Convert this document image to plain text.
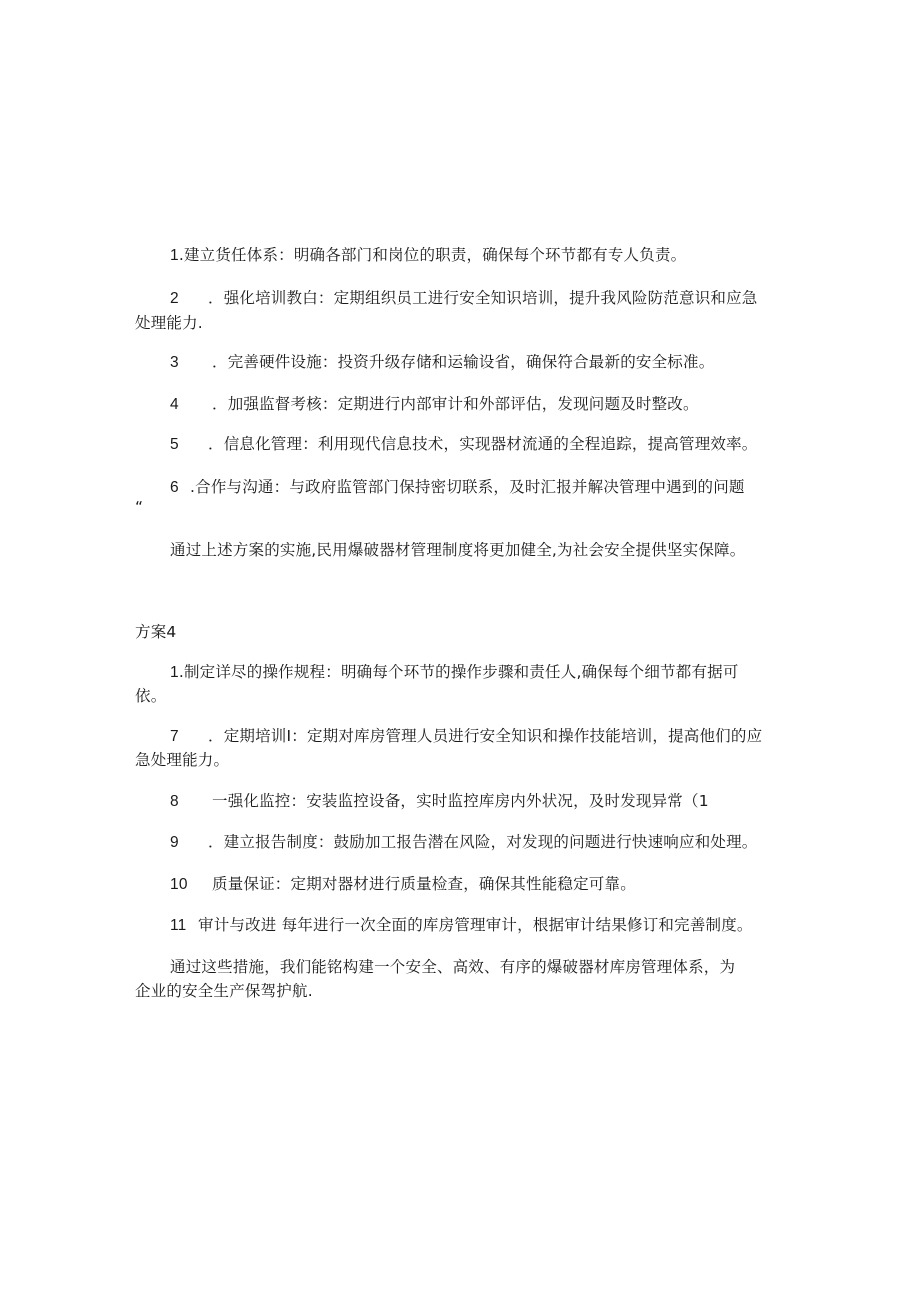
1.建立货任体系：明确各部门和岗位的职责，确保每个环节都有专人负责。
2 ．强化培训教白：定期组织员工进行安全知识培训，提升我风险防范意识和应急
处理能力.
3 ．完善硬件设施：投资升级存储和运输设省，确保符合最新的安全标准。
4 ．加强监督考核：定期进行内部审计和外部评估，发现问题及时整改。
5 ．信息化管理：利用现代信息技术，实现器材流通的全程追踪，提高管理效率。
6 .合作与沟通：与政府监管部门保持密切联系，及时汇报并解决管理中遇到的问题
“
通过上述方案的实施,民用爆破器材管理制度将更加健全,为社会安全提供坚实保障。
方案4
1.制定详尽的操作规程：明确每个环节的操作步骤和责任人,确保每个细节都有据可
依。
7 ．定期培训I：定期对库房管理人员进行安全知识和操作技能培训，提高他们的应
急处理能力。
8 一强化监控：安装监控设备，实时监控库房内外状况，及时发现异常（1
9 ．建立报告制度：鼓励加工报告潜在风险，对发现的问题进行快速响应和处理。
10 质量保证：定期对器材进行质量检查，确保其性能稳定可靠。
11 审计与改进 每年进行一次全面的库房管理审计，根据审计结果修订和完善制度。
通过这些措施，我们能铭构建一个安全、高效、有序的爆破器材库房管理体系，为
企业的安全生产保驾护航.
